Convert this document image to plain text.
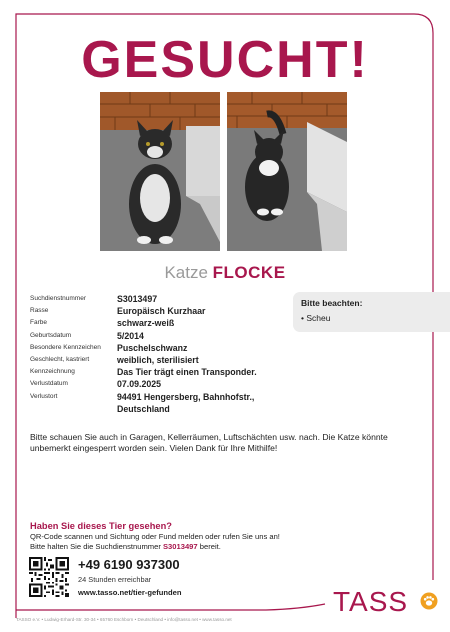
GESUCHT!
Katze FLOCKE
Suchdienstnummer	S3013497
Rasse	Europäisch Kurzhaar
Farbe	schwarz-weiß
Geburtsdatum	5/2014
Besondere Kennzeichen	Puschelschwanz
Geschlecht, kastriert	weiblich, sterilisiert
Kennzeichnung	Das Tier trägt einen Transponder.
Verlustdatum	07.09.2025
Verlustort	94491 Hengersberg, Bahnhofstr., Deutschland
Bitte beachten:
• Scheu
Bitte schauen Sie auch in Garagen, Kellerräumen, Luftschächten usw. nach. Die Katze könnte unbemerkt eingesperrt worden sein. Vielen Dank für Ihre Mithilfe!
Haben Sie dieses Tier gesehen?
QR-Code scannen und Sichtung oder Fund melden oder rufen Sie uns an!
Bitte halten Sie die Suchdienstnummer S3013497 bereit.
+49 6190 937300
24 Stunden erreichbar
www.tasso.net/tier-gefunden	TASS
TASSO e.V. • Ludwig-Erhard-Str. 30-34 • 65760 Eschborn • Deutschland • info@tasso.net • www.tasso.net
